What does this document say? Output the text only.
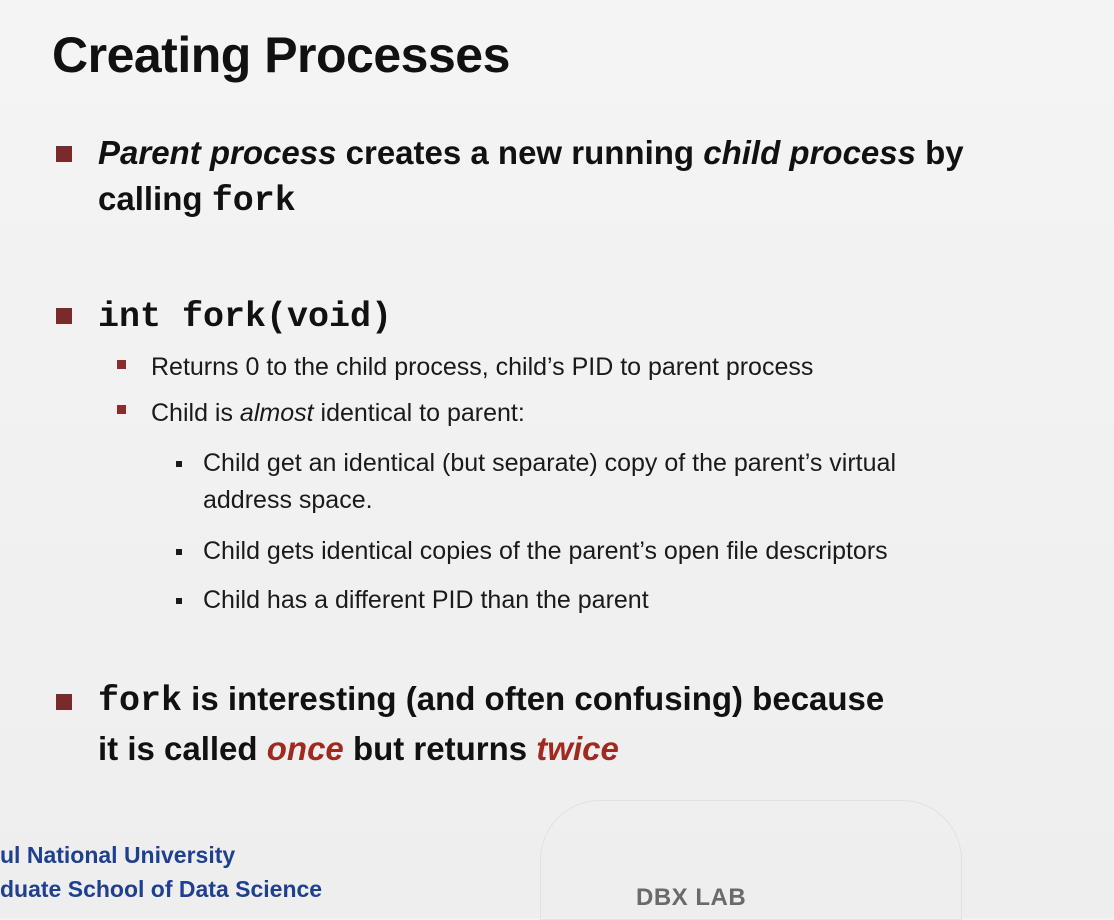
Creating Processes
Parent process creates a new running child process by
calling fork
int fork(void)
Returns 0 to the child process, child’s PID to parent process
Child is almost identical to parent:
Child get an identical (but separate) copy of the parent’s virtual
address space.
Child gets identical copies of the parent’s open file descriptors
Child has a different PID than the parent
fork is interesting (and often confusing) because
it is called once but returns twice
ul National University
duate School of Data Science	DBX LAB
